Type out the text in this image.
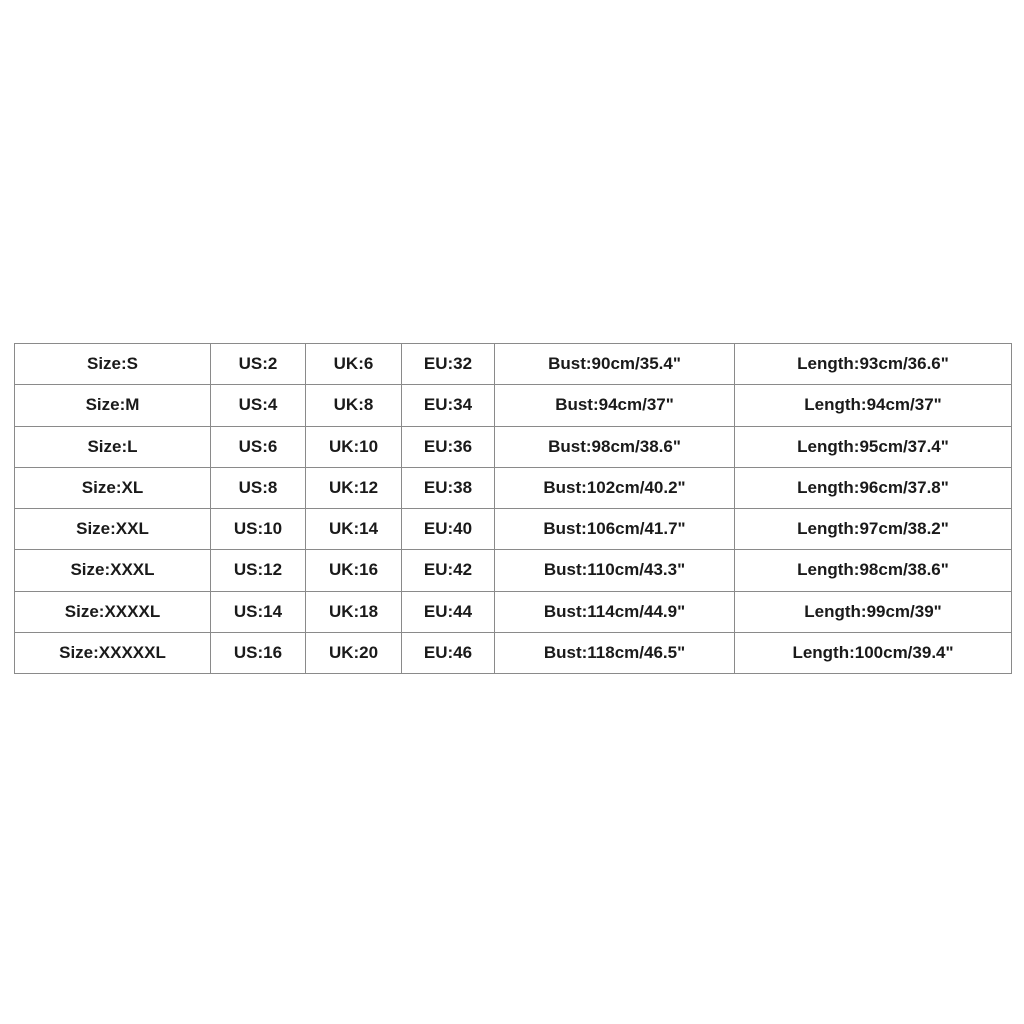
Size:S	US:2	UK:6	EU:32	Bust:90cm/35.4"	Length:93cm/36.6"
Size:M	US:4	UK:8	EU:34	Bust:94cm/37"	Length:94cm/37"
Size:L	US:6	UK:10	EU:36	Bust:98cm/38.6"	Length:95cm/37.4"
Size:XL	US:8	UK:12	EU:38	Bust:102cm/40.2"	Length:96cm/37.8"
Size:XXL	US:10	UK:14	EU:40	Bust:106cm/41.7"	Length:97cm/38.2"
Size:XXXL	US:12	UK:16	EU:42	Bust:110cm/43.3"	Length:98cm/38.6"
Size:XXXXL	US:14	UK:18	EU:44	Bust:114cm/44.9"	Length:99cm/39"
Size:XXXXXL	US:16	UK:20	EU:46	Bust:118cm/46.5"	Length:100cm/39.4"
